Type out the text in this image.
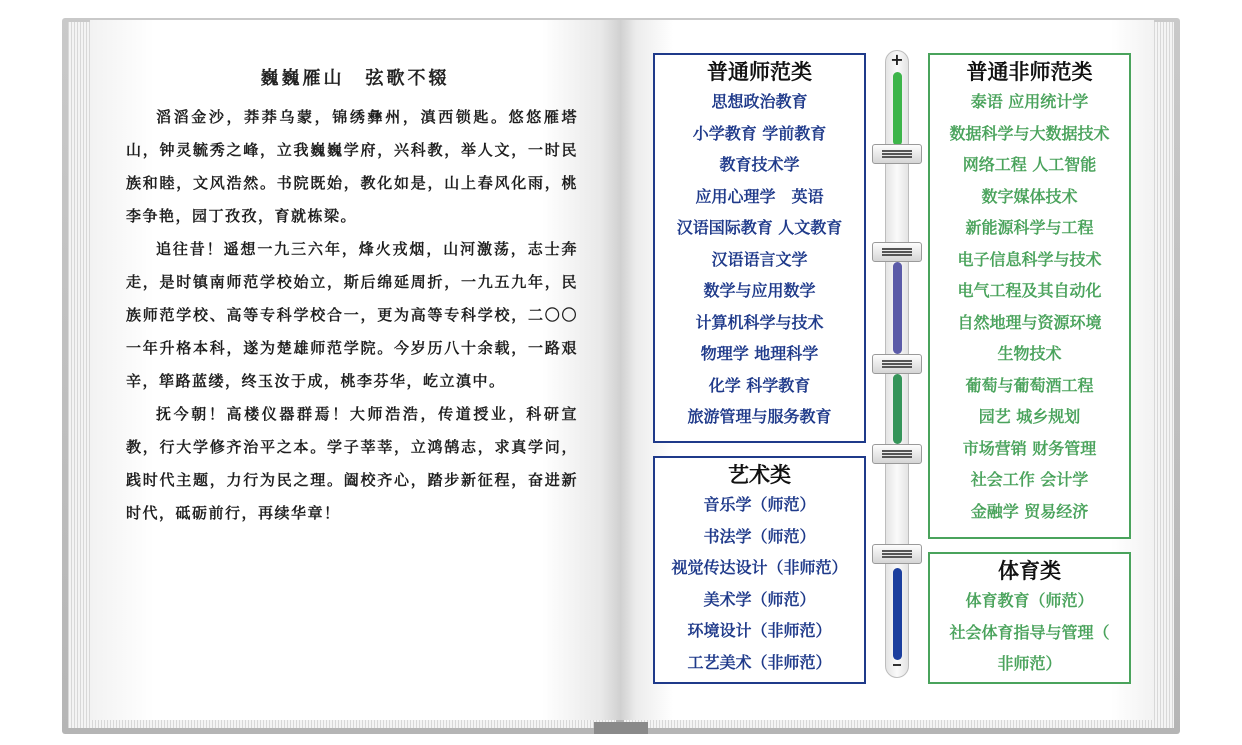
巍巍雁山　弦歌不辍

滔滔金沙，莽莽乌蒙，锦绣彝州，滇西锁匙。悠悠雁塔山，钟灵毓秀之峰，立我巍巍学府，兴科教，举人文，一时民族和睦，文风浩然。书院既始，教化如是，山上春风化雨，桃李争艳，园丁孜孜，育就栋梁。

追往昔！遥想一九三六年，烽火戎烟，山河激荡，志士奔走，是时镇南师范学校始立，斯后绵延周折，一九五九年，民族师范学校、高等专科学校合一，更为高等专科学校，二〇〇一年升格本科，遂为楚雄师范学院。今岁历八十余载，一路艰辛，筚路蓝缕，终玉汝于成，桃李芬华，屹立滇中。

抚今朝！高楼仪器群焉！大师浩浩，传道授业，科研宣教，行大学修齐治平之本。学子莘莘，立鸿鹄志，求真学问，践时代主题，力行为民之理。阖校齐心，踏步新征程，奋进新时代，砥砺前行，再续华章！

普通师范类
思想政治教育
小学教育 学前教育
教育技术学
应用心理学　英语
汉语国际教育 人文教育
汉语语言文学
数学与应用数学
计算机科学与技术
物理学 地理科学
化学 科学教育
旅游管理与服务教育
艺术类
音乐学（师范）
书法学（师范）
视觉传达设计（非师范）
美术学（师范）
环境设计（非师范）
工艺美术（非师范）
普通非师范类
泰语 应用统计学
数据科学与大数据技术
网络工程 人工智能
数字媒体技术
新能源科学与工程
电子信息科学与技术
电气工程及其自动化
自然地理与资源环境
生物技术
葡萄与葡萄酒工程
园艺 城乡规划
市场营销 财务管理
社会工作 会计学
金融学 贸易经济
体育类
体育教育（师范）
社会体育指导与管理（
非师范）
+
